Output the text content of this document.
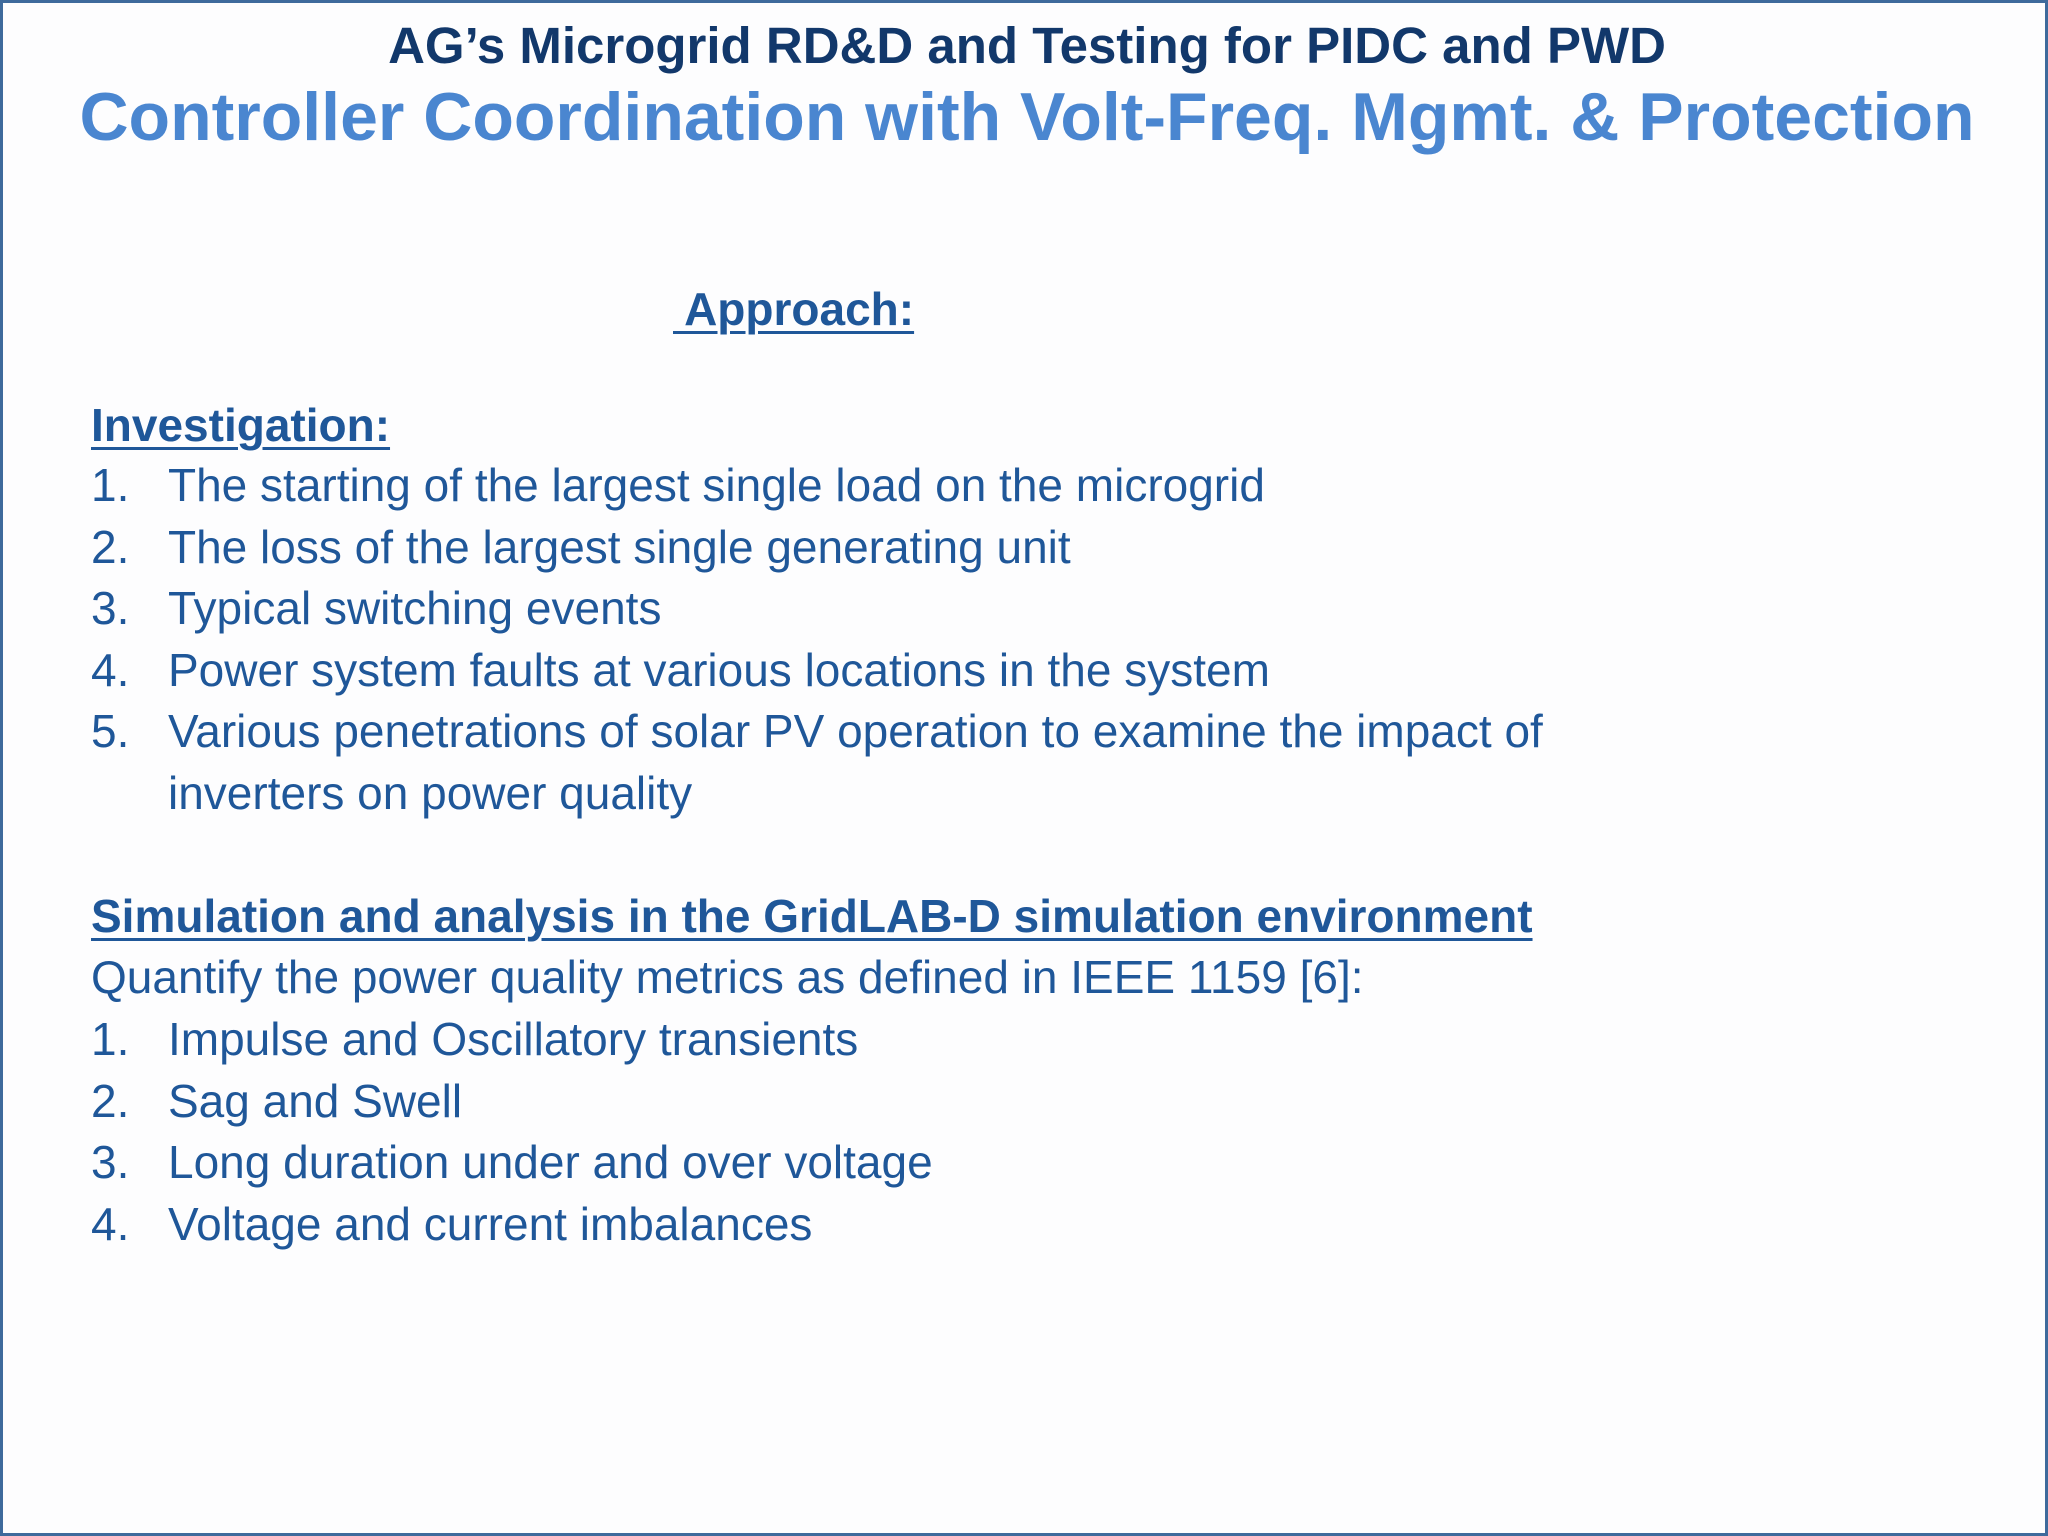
AG’s Microgrid RD&D and Testing for PIDC and PWD
Controller Coordination with Volt-Freq. Mgmt. & Protection
Approach:
Investigation:
1. The starting of the largest single load on the microgrid
2. The loss of the largest single generating unit
3. Typical switching events
4. Power system faults at various locations in the system
5. Various penetrations of solar PV operation to examine the impact of
inverters on power quality
Simulation and analysis in the GridLAB-D simulation environment
Quantify the power quality metrics as defined in IEEE 1159 [6]:
1. Impulse and Oscillatory transients
2. Sag and Swell
3. Long duration under and over voltage
4. Voltage and current imbalances
